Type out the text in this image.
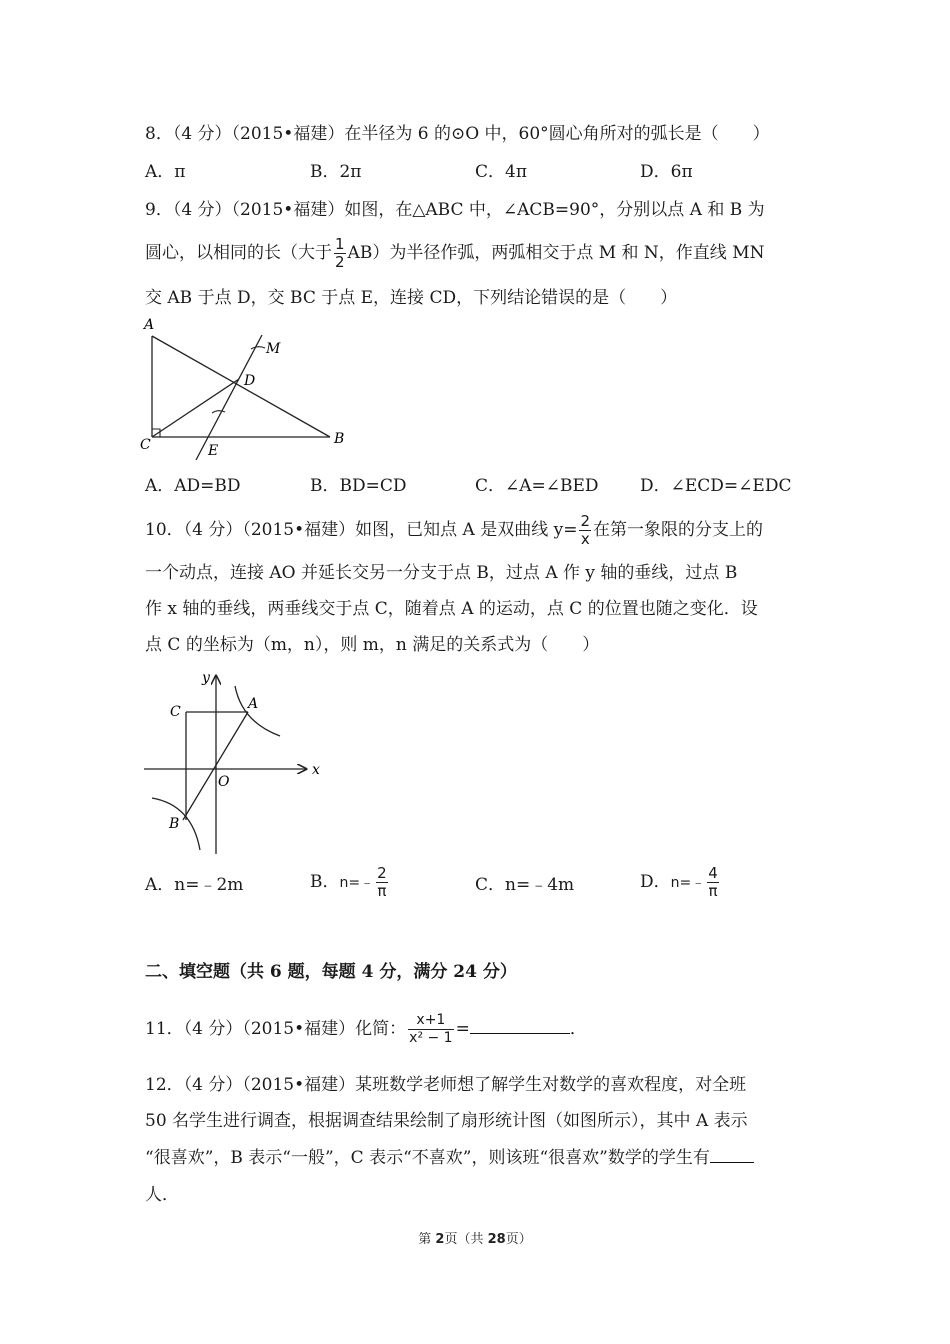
8．（4 分）（2015•福建）在半径为 6 的⊙O 中，60°圆心角所对的弧长是（　　）
A．π	B．2π	C．4π	D．6π
9．（4 分）（2015•福建）如图，在△ABC 中，∠ACB=90°，分别以点 A 和 B 为
圆心，以相同的长（大于 $\frac{1}{2} AB$）为半径作弧，两弧相交于点 M 和 N，作直线 MN
交 AB 于点 D，交 BC 于点 E，连接 CD，下列结论错误的是（　　）
A
C	B
D
E
M
A．AD=BD	B．BD=CD	C．∠A=∠BED D．∠ECD=∠EDC
10．（4 分）（2015•福建）如图，已知点 A 是双曲线 $y= \frac{2}{x}$ 在第一象限的分支上的
一个动点，连接 AO 并延长交另一分支于点 B，过点 A 作 y 轴的垂线，过点 B
作 x 轴的垂线，两垂线交于点 C，随着点 A 的运动，点 C 的位置也随之变化．设
点 C 的坐标为（m，n），则 m，n 满足的关系式为（　　）
y
x
O
A
B
C
A．n=﹣2m	B．n=﹣ $\frac{2}{\pi}$	C．n=﹣4m	D．n=﹣ $\frac{4}{\pi}$
二、填空题（共 6 题，每题 4 分，满分 24 分）
11．（4 分）（2015•福建）化简： $\frac{x+1}{\text{x² − 1}}$ =	．
12．（4 分）（2015•福建）某班数学老师想了解学生对数学的喜欢程度，对全班
50 名学生进行调查，根据调查结果绘制了扇形统计图（如图所示），其中 A 表示
“很喜欢”，B 表示“一般”，C 表示“不喜欢”，则该班“很喜欢”数学的学生有
人．
第 2页（共 28页）
